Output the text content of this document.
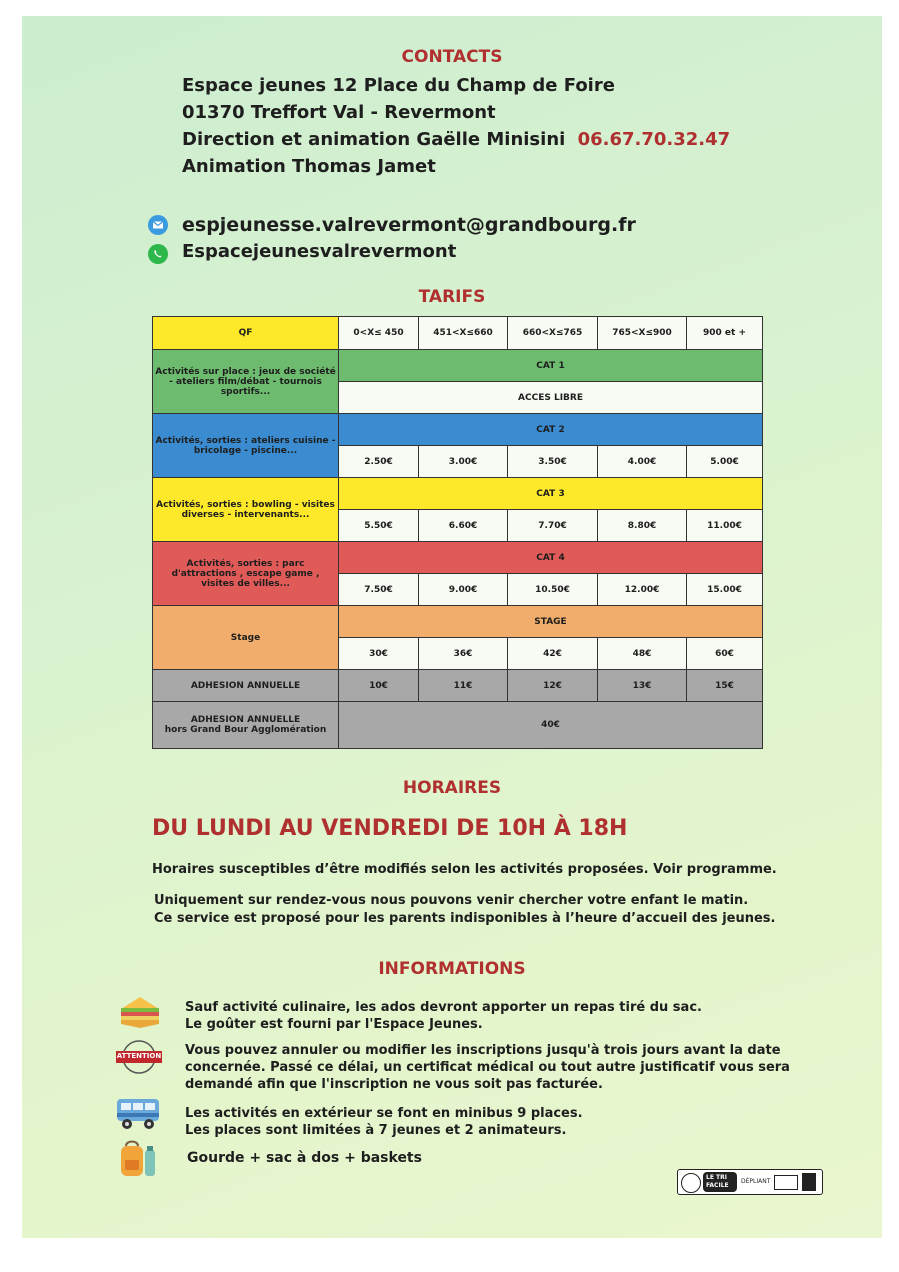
CONTACTS
Espace jeunes 12 Place du Champ de Foire
01370 Treffort Val - Revermont
Direction et animation Gaëlle Minisini 06.67.70.32.47
Animation Thomas Jamet
espjeunesse.valrevermont@grandbourg.fr
Espacejeunesvalrevermont
TARIFS
QF	0<X≤ 450	451<X≤660	660<X≤765	765<X≤900	900 et +
Activités sur place : jeux de société - ateliers film/débat - tournois sportifs...	CAT 1				
	ACCES LIBRE				
Activités, sorties : ateliers cuisine - bricolage - piscine...	CAT 2				
	2.50€	3.00€	3.50€	4.00€	5.00€
Activités, sorties : bowling - visites diverses - intervenants...	CAT 3				
	5.50€	6.60€	7.70€	8.80€	11.00€
Activités, sorties : parc d'attractions , escape game , visites de villes...	CAT 4				
	7.50€	9.00€	10.50€	12.00€	15.00€
Stage	STAGE				
	30€	36€	42€	48€	60€
ADHESION ANNUELLE	10€	11€	12€	13€	15€

ADHESION ANNUELLE
hors Grand Bour Agglomération	40€				
HORAIRES
DU LUNDI AU VENDREDI DE 10H À 18H
Horaires susceptibles d’être modifiés selon les activités proposées. Voir programme.
Uniquement sur rendez-vous nous pouvons venir chercher votre enfant le matin.
Ce service est proposé pour les parents indisponibles à l’heure d’accueil des jeunes.
INFORMATIONS
Sauf activité culinaire, les ados devront apporter un repas tiré du sac.
Le goûter est fourni par l'Espace Jeunes.
ATTENTION Vous pouvez annuler ou modifier les inscriptions jusqu'à trois jours avant la date
concernée. Passé ce délai, un certificat médical ou tout autre justificatif vous sera
demandé afin que l'inscription ne vous soit pas facturée.
Les activités en extérieur se font en minibus 9 places.
Les places sont limitées à 7 jeunes et 2 animateurs.
Gourde + sac à dos + baskets
LE TRI
FACILE
DÉPLIANT
